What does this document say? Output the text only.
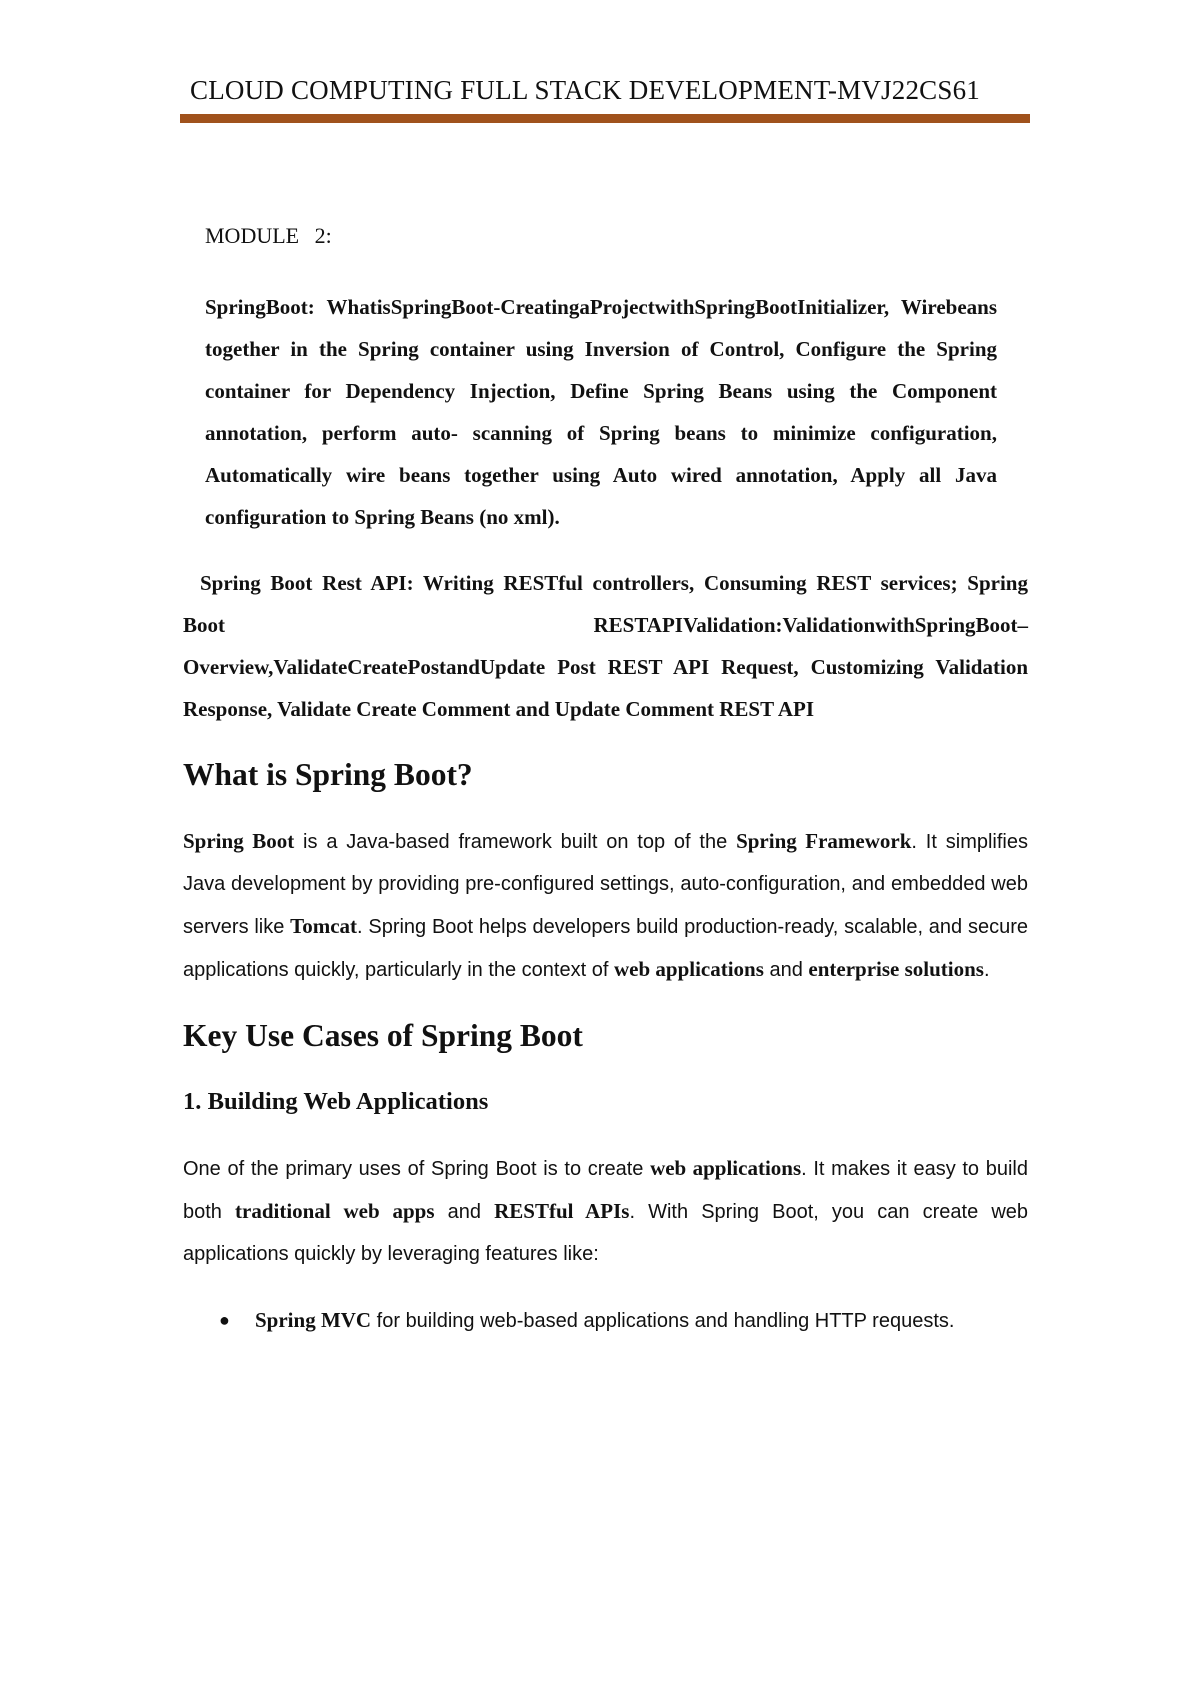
CLOUD COMPUTING FULL STACK DEVELOPMENT-MVJ22CS61

MODULE 2:

SpringBoot: WhatisSpringBoot-CreatingaProjectwithSpringBootInitializer, Wirebeans together in the Spring container using Inversion of Control, Configure the Spring container for Dependency Injection, Define Spring Beans using the Component annotation, perform auto- scanning of Spring beans to minimize configuration, Automatically wire beans together using Auto wired annotation, Apply all Java configuration to Spring Beans (no xml).

Spring Boot Rest API: Writing RESTful controllers, Consuming REST services; Spring Boot RESTAPIValidation:ValidationwithSpringBoot– Overview,ValidateCreatePostandUpdate Post REST API Request, Customizing Validation Response, Validate Create Comment and Update Comment REST API

What is Spring Boot?

Spring Boot is a Java-based framework built on top of the Spring Framework. It simplifies Java development by providing pre-configured settings, auto-configuration, and embedded web servers like Tomcat. Spring Boot helps developers build production-ready, scalable, and secure applications quickly, particularly in the context of web applications and enterprise solutions.

Key Use Cases of Spring Boot
1. Building Web Applications

One of the primary uses of Spring Boot is to create web applications. It makes it easy to build both traditional web apps and RESTful APIs. With Spring Boot, you can create web applications quickly by leveraging features like:

● Spring MVC for building web-based applications and handling HTTP requests.
